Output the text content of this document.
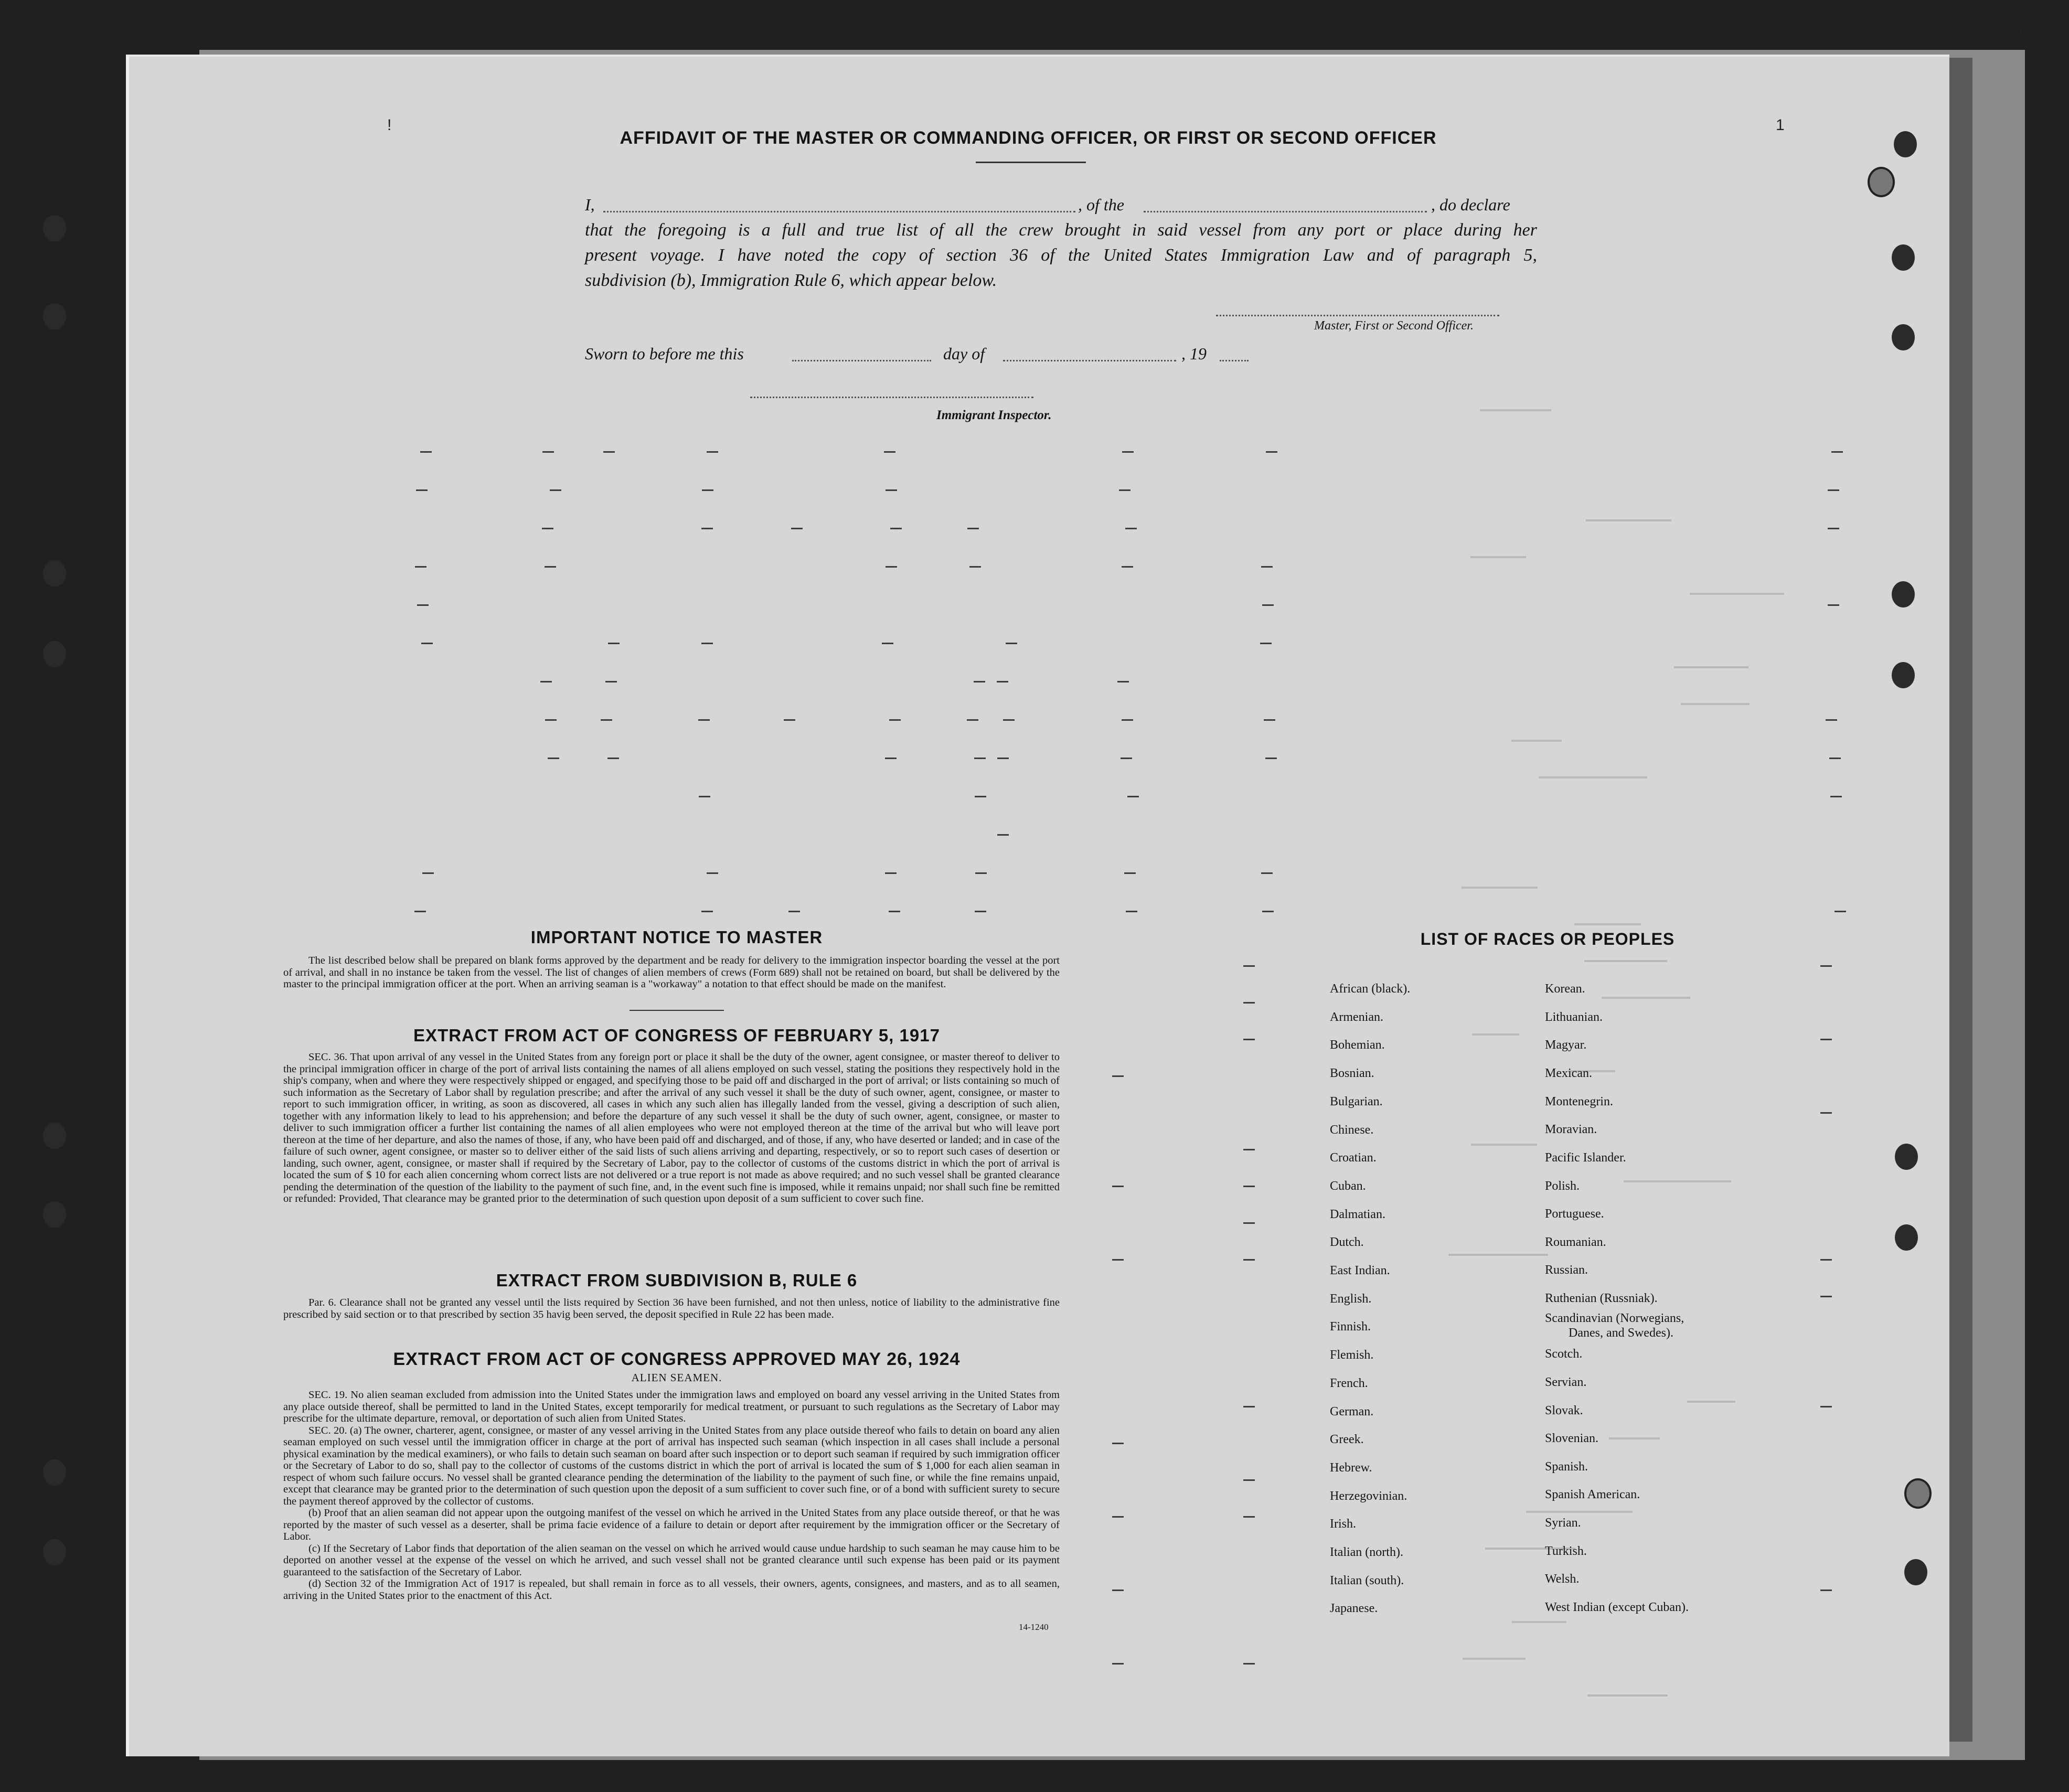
1
6
!
AFFIDAVIT OF THE MASTER OR COMMANDING OFFICER, OR FIRST OR SECOND OFFICER
I,	, of the	, do declare
that the foregoing is a full and true list of all the crew brought in said vessel from any port or place during her
present voyage. I have noted the copy of section 36 of the United States Immigration Law and of paragraph 5,
subdivision (b), Immigration Rule 6, which appear below.
Master, First or Second Officer.
Sworn to before me this	day of	, 19
Immigrant Inspector.
IMPORTANT NOTICE TO MASTER

The list described below shall be prepared on blank forms approved by the department and be ready for delivery to the immigration inspector boarding the vessel at the port of arrival, and shall in no instance be taken from the vessel. The list of changes of alien members of crews (Form 689) shall not be retained on board, but shall be delivered by the master to the principal immigration officer at the port. When an arriving seaman is a "workaway" a notation to that effect should be made on the manifest.

EXTRACT FROM ACT OF CONGRESS OF FEBRUARY 5, 1917

SEC. 36. That upon arrival of any vessel in the United States from any foreign port or place it shall be the duty of the owner, agent consignee, or master thereof to deliver to the principal immigration officer in charge of the port of arrival lists containing the names of all aliens employed on such vessel, stating the positions they respectively hold in the ship's company, when and where they were respectively shipped or engaged, and specifying those to be paid off and discharged in the port of arrival; or lists containing so much of such information as the Secretary of Labor shall by regulation prescribe; and after the arrival of any such vessel it shall be the duty of such owner, agent, consignee, or master to report to such immigration officer, in writing, as soon as discovered, all cases in which any such alien has illegally landed from the vessel, giving a description of such alien, together with any information likely to lead to his apprehension; and before the departure of any such vessel it shall be the duty of such owner, agent, consignee, or master to deliver to such immigration officer a further list containing the names of all alien employees who were not employed thereon at the time of the arrival but who will leave port thereon at the time of her departure, and also the names of those, if any, who have been paid off and discharged, and of those, if any, who have deserted or landed; and in case of the failure of such owner, agent consignee, or master so to deliver either of the said lists of such aliens arriving and departing, respectively, or so to report such cases of desertion or landing, such owner, agent, consignee, or master shall if required by the Secretary of Labor, pay to the collector of customs of the customs district in which the port of arrival is located the sum of $ 10 for each alien concerning whom correct lists are not delivered or a true report is not made as above required; and no such vessel shall be granted clearance pending the determination of the question of the liability to the payment of such fine, and, in the event such fine is imposed, while it remains unpaid; nor shall such fine be remitted or refunded: Provided, That clearance may be granted prior to the determination of such question upon deposit of a sum sufficient to cover such fine.

EXTRACT FROM SUBDIVISION B, RULE 6

Par. 6. Clearance shall not be granted any vessel until the lists required by Section 36 have been furnished, and not then unless, notice of liability to the administrative fine prescribed by said section or to that prescribed by section 35 havig been served, the deposit specified in Rule 22 has been made.

EXTRACT FROM ACT OF CONGRESS APPROVED MAY 26, 1924
ALIEN SEAMEN.

SEC. 19. No alien seaman excluded from admission into the United States under the immigration laws and employed on board any vessel arriving in the United States from any place outside thereof, shall be permitted to land in the United States, except temporarily for medical treatment, or pursuant to such regulations as the Secretary of Labor may prescribe for the ultimate departure, removal, or deportation of such alien from United States.

SEC. 20. (a) The owner, charterer, agent, consignee, or master of any vessel arriving in the United States from any place outside thereof who fails to detain on board any alien seaman employed on such vessel until the immigration officer in charge at the port of arrival has inspected such seaman (which inspection in all cases shall include a personal physical examination by the medical examiners), or who fails to detain such seaman on board after such inspection or to deport such seaman if required by such immigration officer or the Secretary of Labor to do so, shall pay to the collector of customs of the customs district in which the port of arrival is located the sum of $ 1,000 for each alien seaman in respect of whom such failure occurs. No vessel shall be granted clearance pending the determination of the liability to the payment of such fine, or while the fine remains unpaid, except that clearance may be granted prior to the determination of such question upon the deposit of a sum sufficient to cover such fine, or of a bond with sufficient surety to secure the payment thereof approved by the collector of customs.

(b) Proof that an alien seaman did not appear upon the outgoing manifest of the vessel on which he arrived in the United States from any place outside thereof, or that he was reported by the master of such vessel as a deserter, shall be prima facie evidence of a failure to detain or deport after requirement by the immigration officer or the Secretary of Labor.

(c) If the Secretary of Labor finds that deportation of the alien seaman on the vessel on which he arrived would cause undue hardship to such seaman he may cause him to be deported on another vessel at the expense of the vessel on which he arrived, and such vessel shall not be granted clearance until such expense has been paid or its payment guaranteed to the satisfaction of the Secretary of Labor.

(d) Section 32 of the Immigration Act of 1917 is repealed, but shall remain in force as to all vessels, their owners, agents, consignees, and masters, and as to all seamen, arriving in the United States prior to the enactment of this Act.

14-1240
LIST OF RACES OR PEOPLES
African (black).
Armenian.
Bohemian.
Bosnian.
Bulgarian.
Chinese.
Croatian.
Cuban.
Dalmatian.
Dutch.
East Indian.
English.
Finnish.
Flemish.
French.
German.
Greek.
Hebrew.
Herzegovinian.
Irish.
Italian (north).
Italian (south).
Japanese.
Korean.
Lithuanian.
Magyar.
Mexican.
Montenegrin.
Moravian.
Pacific Islander.
Polish.
Portuguese.
Roumanian.
Russian.
Ruthenian (Russniak).
Scandinavian (Norwegians,
Danes, and Swedes).
Scotch.
Servian.
Slovak.
Slovenian.
Spanish.
Spanish American.
Syrian.
Turkish.
Welsh.
West Indian (except Cuban).
